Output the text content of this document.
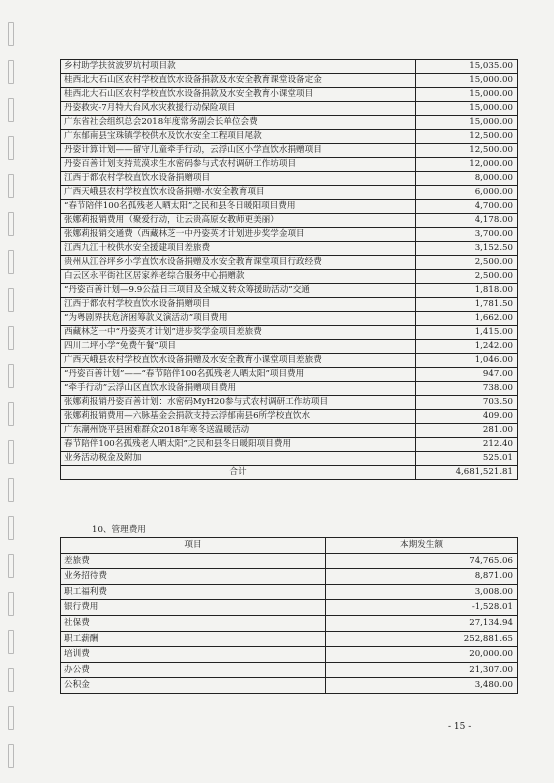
乡村助学扶贫波罗坑村项目款	15,035.00
桂西北大石山区农村学校直饮水设备捐款及水安全教育课堂设备定金	15,000.00
桂西北大石山区农村学校直饮水设备捐款及水安全教育小课堂项目	15,000.00
丹姿救灾-7月特大台风水灾救援行动保险项目	15,000.00
广东省社会组织总会2018年度常务副会长单位会费	15,000.00
广东郁南县宝珠镇学校供水及饮水安全工程项目尾款	12,500.00
丹姿计算计划——留守儿童牵手行动，云浮山区小学直饮水捐赠项目	12,500.00
丹姿百善计划支持荒漠求生水密码参与式农村调研工作坊项目	12,000.00
江西于都农村学校直饮水设备捐赠项目	8,000.00
广西天峨县农村学校直饮水设备捐赠-水安全教育项目	6,000.00
“春节陪伴100名孤残老人晒太阳”之民和县冬日暖阳项目费用	4,700.00
张娜莉报销费用（聚爱行动，让云贵高原女教师更美丽）	4,178.00
张娜莉报销交通费（西藏林芝一中丹姿英才计划进步奖学金项目	3,700.00
江西九江十校供水安全援建项目差旅费	3,152.50
贵州从江谷坪乡小学直饮水设备捐赠及水安全教育课堂项目行政经费	2,500.00
白云区永平街社区居家养老综合服务中心捐赠款	2,500.00
“丹姿百善计划—9.9公益日三项目及全城义转众筹援助活动”交通	1,818.00
江西于都农村学校直饮水设备捐赠项目	1,781.50
“为粤剧界扶危济困筹款义演活动”项目费用	1,662.00
西藏林芝一中“丹姿英才计划”进步奖学金项目差旅费	1,415.00
四川二坪小学“免费午餐”项目	1,242.00
广西天峨县农村学校直饮水设备捐赠及水安全教育小课堂项目差旅费	1,046.00
“丹姿百善计划”——“春节陪伴100名孤残老人晒太阳”项目费用	947.00
“牵手行动”云浮山区直饮水设备捐赠项目费用	738.00
张娜莉报销丹姿百善计划：水密码MyH20参与式农村调研工作坊项目	703.50
张娜莉报销费用—六脉基金会捐款支持云浮郁南县6所学校直饮水	409.00
广东潮州饶平县困难群众2018年寒冬送温暖活动	281.00
春节陪伴100名孤残老人晒太阳”之民和县冬日暖阳项目费用	212.40
业务活动税金及附加	525.01
合计	4,681,521.81
10、管理费用
项目	本期发生额
差旅费	74,765.06
业务招待费	8,871.00
职工福利费	3,008.00
银行费用	-1,528.01
社保费	27,134.94
职工薪酬	252,881.65
培训费	20,000.00
办公费	21,307.00
公积金	3,480.00
- 15 -
